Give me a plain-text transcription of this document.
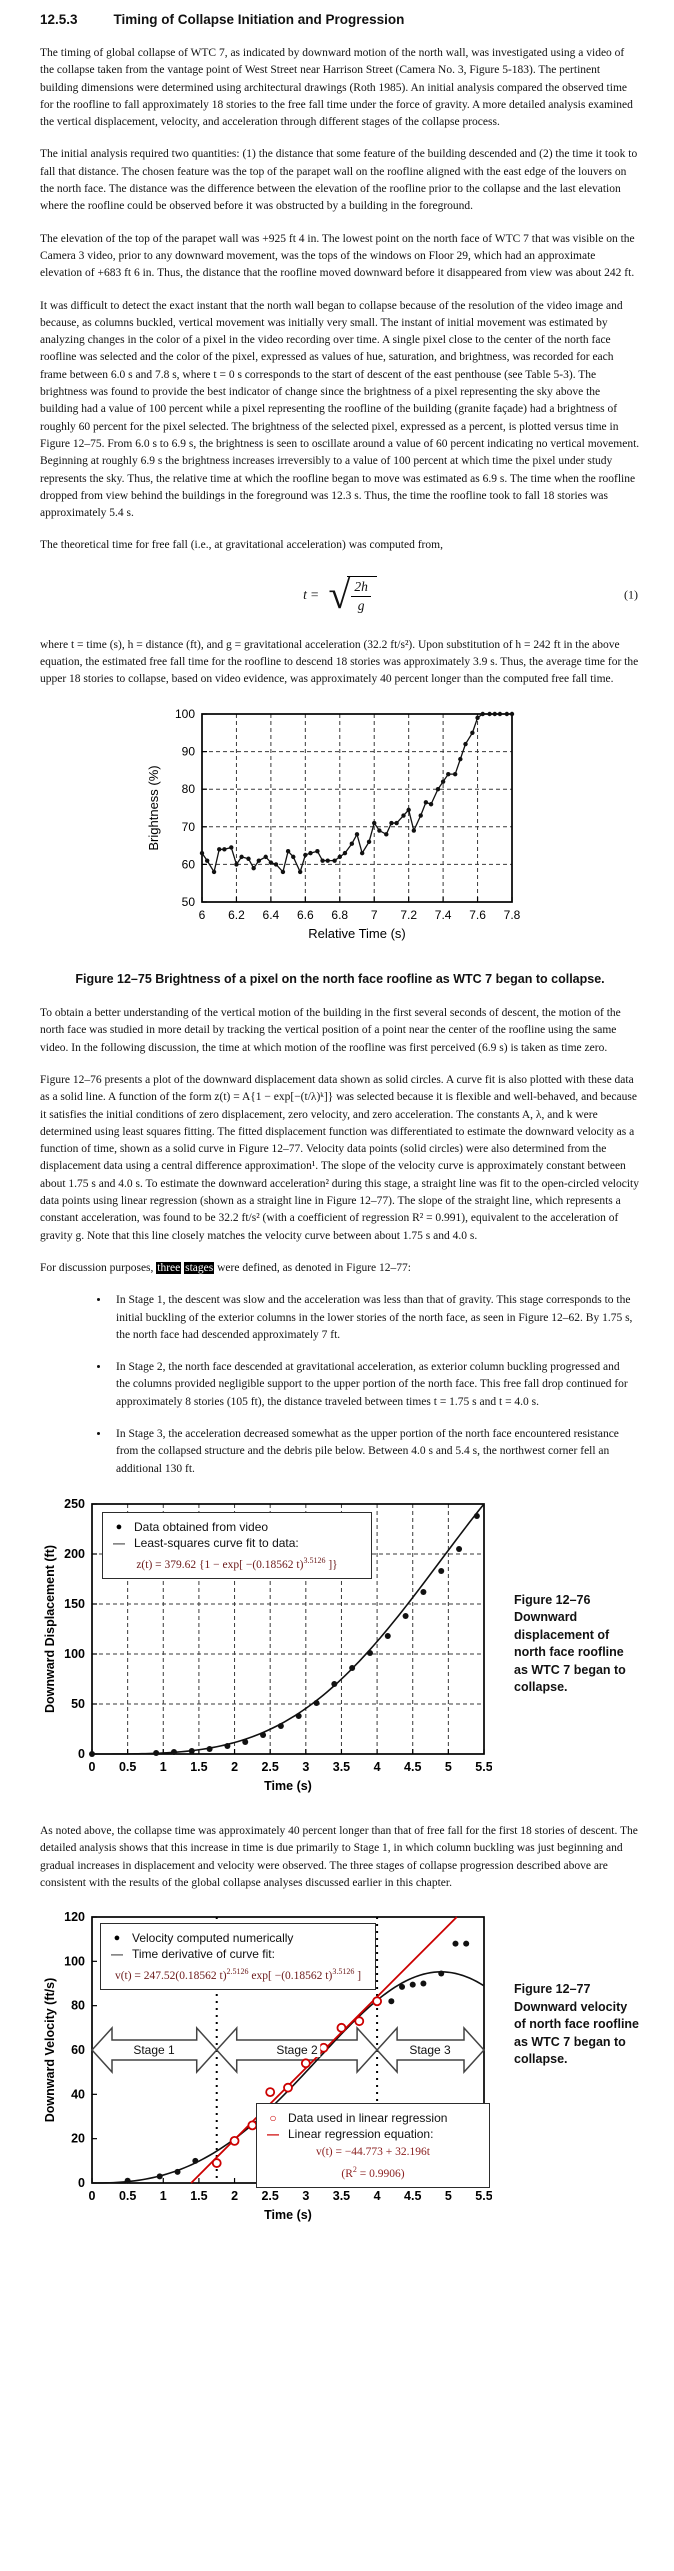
12.5.3	Timing of Collapse Initiation and Progression

The timing of global collapse of WTC 7, as indicated by downward motion of the north wall, was investigated using a video of the collapse taken from the vantage point of West Street near Harrison Street (Camera No. 3, Figure 5-183). The pertinent building dimensions were determined using architectural drawings (Roth 1985). An initial analysis compared the observed time for the roofline to fall approximately 18 stories to the free fall time under the force of gravity. A more detailed analysis examined the vertical displacement, velocity, and acceleration through different stages of the collapse process.

The initial analysis required two quantities: (1) the distance that some feature of the building descended and (2) the time it took to fall that distance. The chosen feature was the top of the parapet wall on the roofline aligned with the east edge of the louvers on the north face. The distance was the difference between the elevation of the roofline prior to the collapse and the last elevation where the roofline could be observed before it was obstructed by a building in the foreground.

The elevation of the top of the parapet wall was +925 ft 4 in. The lowest point on the north face of WTC 7 that was visible on the Camera 3 video, prior to any downward movement, was the tops of the windows on Floor 29, which had an approximate elevation of +683 ft 6 in. Thus, the distance that the roofline moved downward before it disappeared from view was about 242 ft.

It was difficult to detect the exact instant that the north wall began to collapse because of the resolution of the video image and because, as columns buckled, vertical movement was initially very small. The instant of initial movement was estimated by analyzing changes in the color of a pixel in the video recording over time. A single pixel close to the center of the north face roofline was selected and the color of the pixel, expressed as values of hue, saturation, and brightness, was recorded for each frame between 6.0 s and 7.8 s, where t = 0 s corresponds to the start of descent of the east penthouse (see Table 5-3). The brightness was found to provide the best indicator of change since the brightness of a pixel representing the sky above the building had a value of 100 percent while a pixel representing the roofline of the building (granite façade) had a brightness of roughly 60 percent for the pixel selected. The brightness of the selected pixel, expressed as a percent, is plotted versus time in Figure 12–75. From 6.0 s to 6.9 s, the brightness is seen to oscillate around a value of 60 percent indicating no vertical movement. Beginning at roughly 6.9 s the brightness increases irreversibly to a value of 100 percent at which time the pixel under study represents the sky. Thus, the relative time at which the roofline began to move was estimated as 6.9 s. The time when the roofline dropped from view behind the buildings in the foreground was 12.3 s. Thus, the time the roofline took to fall 18 stories was approximately 5.4 s.

The theoretical time for free fall (i.e., at gravitational acceleration) was computed from,

t = √
$\frac{2h}{g}$	(1)

where t = time (s), h = distance (ft), and g = gravitational acceleration (32.2 ft/s²). Upon substitution of h = 242 ft in the above equation, the estimated free fall time for the roofline to descend 18 stories was approximately 3.9 s. Thus, the average time for the upper 18 stories to collapse, based on video evidence, was approximately 40 percent longer than the computed free fall time.

6 6.2 6.4 6.6 6.8 7 7.2 7.4 7.6 7.8
50
60
70
80
90
100
Relative Time (s)
Brightness (%)
Figure 12–75 Brightness of a pixel on the north face roofline as WTC 7 began to collapse.

To obtain a better understanding of the vertical motion of the building in the first several seconds of descent, the motion of the north face was studied in more detail by tracking the vertical position of a point near the center of the roofline using the same video. In the following discussion, the time at which motion of the roofline was first perceived (6.9 s) is taken as time zero.

Figure 12–76 presents a plot of the downward displacement data shown as solid circles. A curve fit is also plotted with these data as a solid line. A function of the form z(t) = A{1 − exp[−(t/λ)ᵏ]} was selected because it is flexible and well-behaved, and because it satisfies the initial conditions of zero displacement, zero velocity, and zero acceleration. The constants A, λ, and k were determined using least squares fitting. The fitted displacement function was differentiated to estimate the downward velocity as a function of time, shown as a solid curve in Figure 12–77. Velocity data points (solid circles) were also determined from the displacement data using a central difference approximation¹. The slope of the velocity curve is approximately constant between about 1.75 s and 4.0 s. To estimate the downward acceleration² during this stage, a straight line was fit to the open-circled velocity data points using linear regression (shown as a straight line in Figure 12–77). The slope of the straight line, which represents a constant acceleration, was found to be 32.2 ft/s² (with a coefficient of regression R² = 0.991), equivalent to the acceleration of gravity g. Note that this line closely matches the velocity curve between about 1.75 s and 4.0 s.

For discussion purposes, three stages were defined, as denoted in Figure 12–77:

• In Stage 1, the descent was slow and the acceleration was less than that of gravity. This stage corresponds to the initial buckling of the exterior columns in the lower stories of the north face, as seen in Figure 12–62. By 1.75 s, the north face had descended approximately 7 ft.
• In Stage 2, the north face descended at gravitational acceleration, as exterior column buckling progressed and the columns provided negligible support to the upper portion of the north face. This free fall drop continued for approximately 8 stories (105 ft), the distance traveled between times t = 1.75 s and t = 4.0 s.
• In Stage 3, the acceleration decreased somewhat as the upper portion of the north face encountered resistance from the collapsed structure and the debris pile below. Between 4.0 s and 5.4 s, the northwest corner fell an additional 130 ft.
0 0.5 1 1.5 2 2.5 3 3.5 4 4.5 5 5.5
0
50
100
150
200
250
Time (s)
Downward Displacement (ft)
● Data obtained from video
— Least-squares curve fit to data:
z(t) = 379.62 {1 − exp[ −(0.18562 t)$^{3.5126}$ ]}
Figure 12–76 Downward displacement of north face roofline as WTC 7 began to collapse.

As noted above, the collapse time was approximately 40 percent longer than that of free fall for the first 18 stories of descent. The detailed analysis shows that this increase in time is due primarily to Stage 1, in which column buckling was just beginning and gradual increases in displacement and velocity were observed. The three stages of collapse progression described above are consistent with the results of the global collapse analyses discussed earlier in this chapter.

0 0.5 1 1.5 2 2.5 3 3.5 4 4.5 5 5.5
0
20
40
60
80
100
120
Time (s)
Downward Velocity (ft/s)	Stage 1	Stage 2	Stage 3
● Velocity computed numerically
— Time derivative of curve fit:
v(t) = 247.52(0.18562 t)$^{2.5126}$ exp[ −(0.18562 t)$^{3.5126}$ ]
○ Data used in linear regression
— Linear regression equation:
v(t) = −44.773 + 32.196t
$(R^2 = 0.9906)$
Figure 12–77 Downward velocity of north face roofline as WTC 7 began to collapse.
